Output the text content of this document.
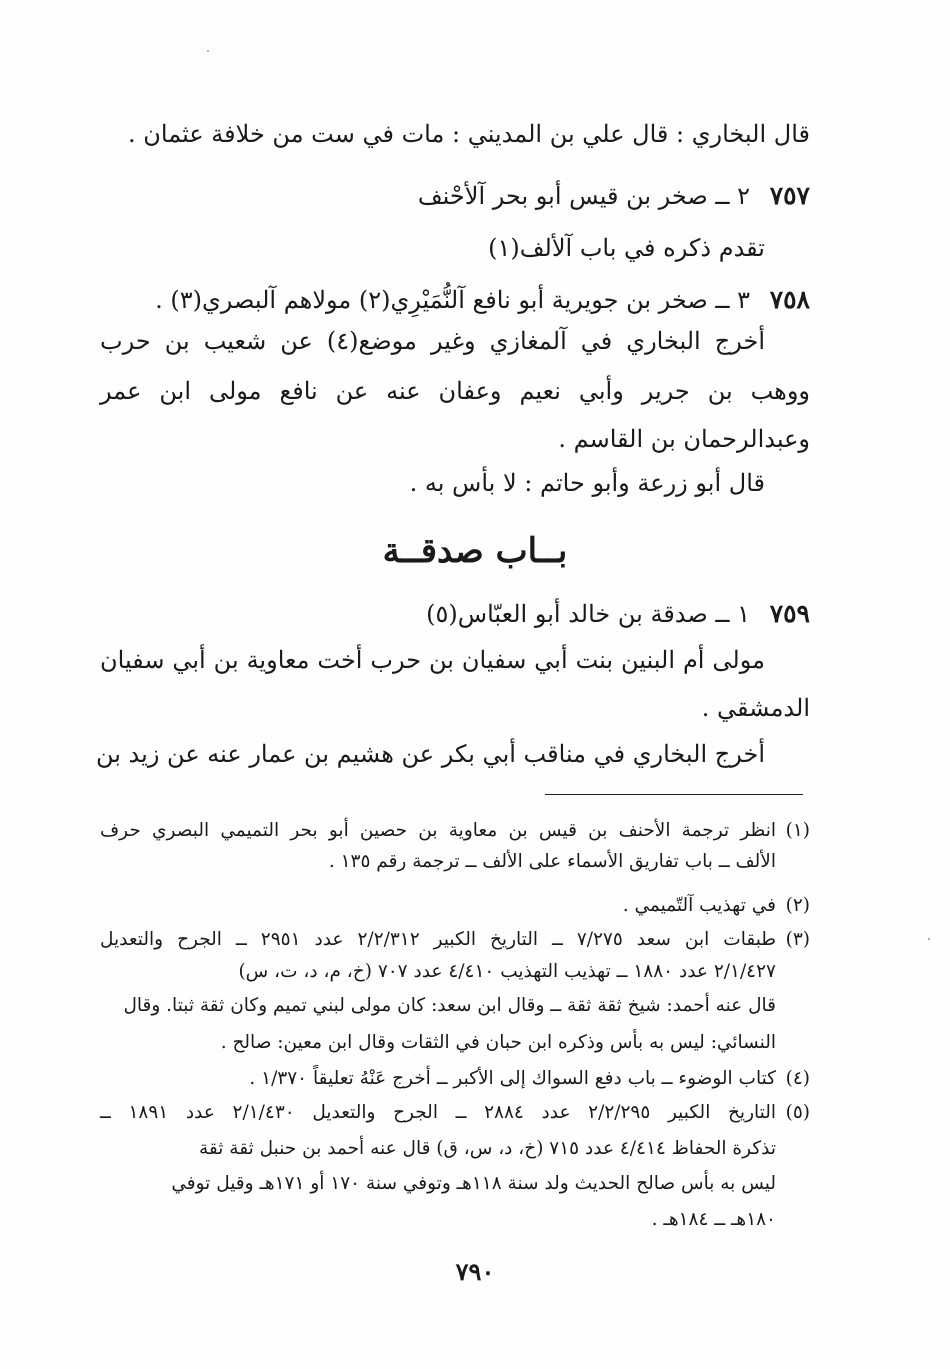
قال البخاري : قال علي بن المديني : مات في ست من خلافة عثمان .
٧٥٧
٢ ــ صخر بن قيس أبو بحر آلأحْنف
تقدم ذكره في باب آلألف(١)
٧٥٨
٣ ــ صخر بن جويرية أبو نافع آلنُّمَيْرِي(٢) مولاهم آلبصري(٣) .
أخرج البخاري في آلمغازي وغير موضع(٤) عن شعيب بن حرب
ووهب بن جرير وأبي نعيم وعفان عنه عن نافع مولى ابن عمر
وعبدالرحمان بن القاسم .
قال أبو زرعة وأبو حاتم : لا بأس به .
بــاب صدقــة
٧٥٩
١ ــ صدقة بن خالد أبو العبّاس(٥)
مولى أم البنين بنت أبي سفيان بن حرب أخت معاوية بن أبي سفيان
الدمشقي .
أخرج البخاري في مناقب أبي بكر عن هشيم بن عمار عنه عن زيد بن
(١)
انظر ترجمة الأحنف بن قيس بن معاوية بن حصين أبو بحر التميمي البصري حرف
الألف ــ باب تفاريق الأسماء على الألف ــ ترجمة رقم ١٣٥ .
(٢)
في تهذيب آلتّميمي .
(٣)
طبقات ابن سعد ٧/٢٧٥ ــ التاريخ الكبير ٢/٢/٣١٢ عدد ٢٩٥١ ــ الجرح والتعديل
٢/١/٤٢٧ عدد ١٨٨٠ ــ تهذيب التهذيب ٤/٤١٠ عدد ٧٠٧ (خ، م، د، ت، س)
قال عنه أحمد: شيخ ثقة ثقة ــ وقال ابن سعد: كان مولى لبني تميم وكان ثقة ثبتا. وقال
النسائي: ليس به بأس وذكره ابن حبان في الثقات وقال ابن معين: صالح .
(٤)
كتاب الوضوء ــ باب دفع السواك إلى الأكبر ــ أخرج عَنْهُ تعليقاً ١/٣٧٠ .
(٥)
التاريخ الكبير ٢/٢/٢٩٥ عدد ٢٨٨٤ ــ الجرح والتعديل ٢/١/٤٣٠ عدد ١٨٩١ ــ
تذكرة الحفاظ ٤/٤١٤ عدد ٧١٥ (خ، د، س، ق) قال عنه أحمد بن حنبل ثقة ثقة
ليس به بأس صالح الحديث ولد سنة ١١٨هـ وتوفي سنة ١٧٠ أو ١٧١هـ وقيل توفي
١٨٠هـ ــ ١٨٤هـ .
٧٩٠
